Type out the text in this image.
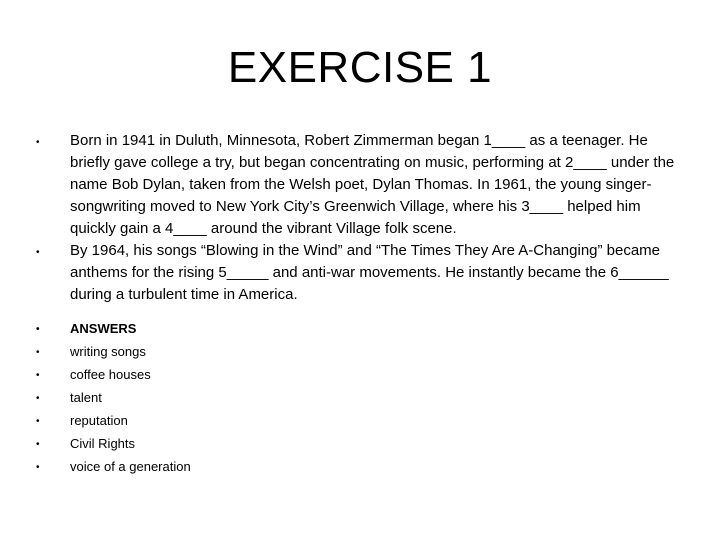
EXERCISE 1
• Born in 1941 in Duluth, Minnesota, Robert Zimmerman began 1____ as a teenager. He briefly gave college a try, but began concentrating on music, performing at 2____ under the name Bob Dylan, taken from the Welsh poet, Dylan Thomas. In 1961, the young singer-songwriting moved to New York City’s Greenwich Village, where his 3____ helped him quickly gain a 4____ around the vibrant Village folk scene.
• By 1964, his songs “Blowing in the Wind” and “The Times They Are A-Changing” became anthems for the rising 5_____ and anti-war movements. He instantly became the 6______ during a turbulent time in America.
• ANSWERS
• writing songs
• coffee houses
• talent
• reputation
• Civil Rights
• voice of a generation
